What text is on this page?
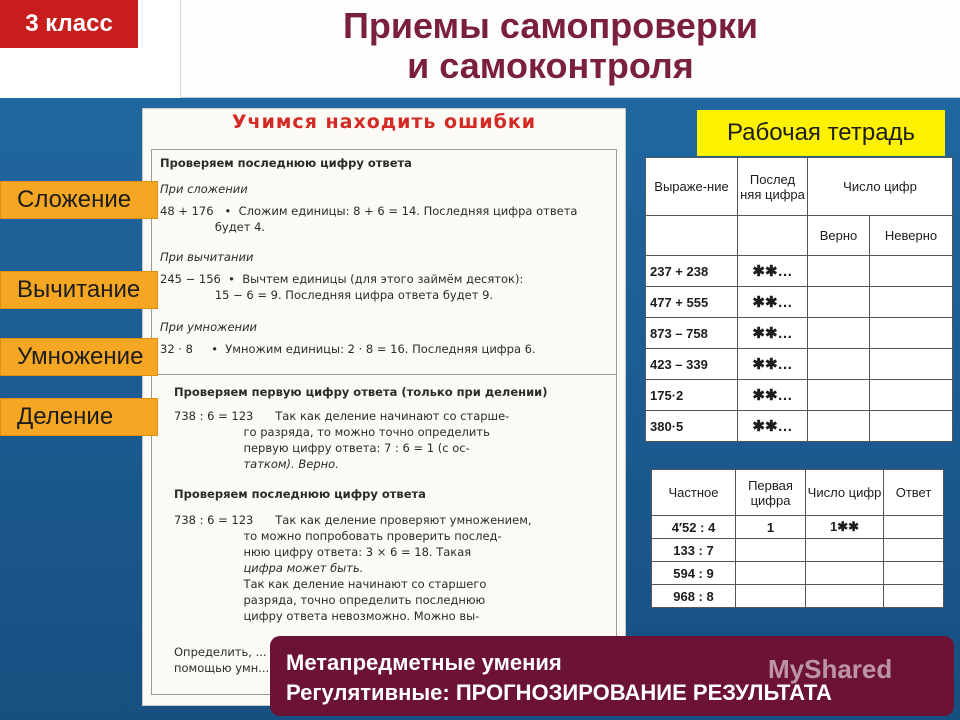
Приемы самопроверки
и самоконтроля
3 класс
Учимся находить ошибки
Проверяем последнюю цифру ответа
При сложении
48 + 176   •  Сложим единицы: 8 + 6 = 14. Последняя цифра ответа
будет 4.
При вычитании
245 − 156  •  Вычтем единицы (для этого займём десяток):
15 − 6 = 9. Последняя цифра ответа будет 9.
При умножении
32 · 8     •  Умножим единицы: 2 · 8 = 16. Последняя цифра 6.
Проверяем первую цифру ответа (только при делении)
738 : 6 = 123      Так как деление начинают со старше-
го разряда, то можно точно определить
первую цифру ответа: 7 : 6 = 1 (с ос-
татком). Верно.
Проверяем последнюю цифру ответа
738 : 6 = 123      Так как деление проверяют умножением,
то можно попробовать проверить послед-
нюю цифру ответа: 3 × 6 = 18. Такая
цифра может быть.
Так как деление начинают со старшего
разряда, точно определить последнюю
цифру ответа невозможно. Можно вы-
Определить, ...
помощью умн...
Сложение
Вычитание
Умножение
Деление
Рабочая тетрадь
Выраже-ние	Послед няя цифра	Число цифр	
		Верно	Неверно
237 + 238	✱✱…		
477 + 555	✱✱…		
873 – 758	✱✱…		
423 – 339	✱✱…		
175·2	✱✱…		
380·5	✱✱…		
Частное	Первая цифра	Число цифр	Ответ
4′52 : 4	1	1✱✱	
133 : 7			
594 : 9			
968 : 8			
Метапредметные умения
Регулятивные: ПРОГНОЗИРОВАНИЕ РЕЗУЛЬТАТА
MyShared
